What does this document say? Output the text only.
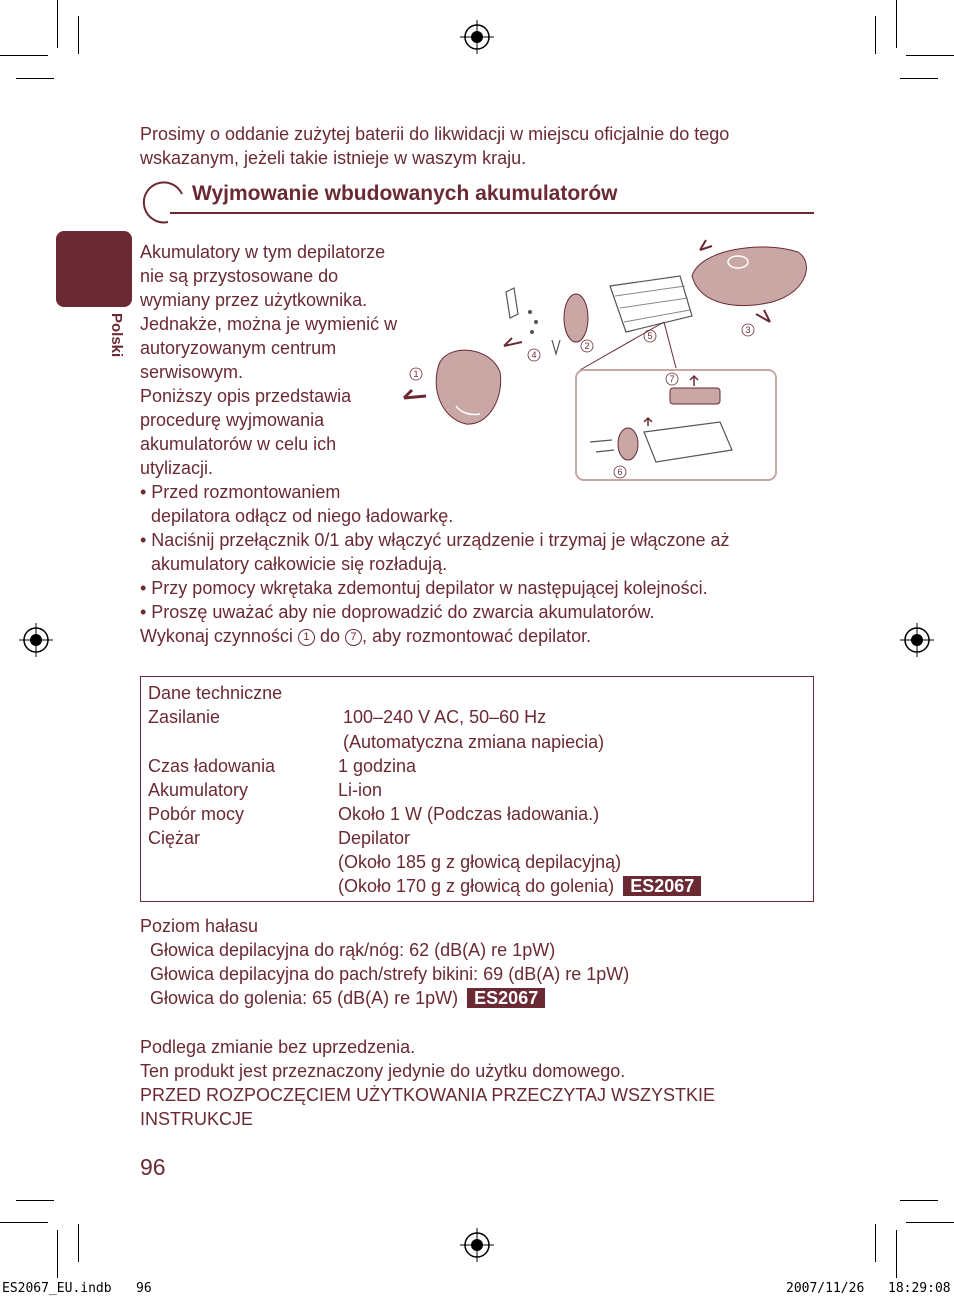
Polski
Prosimy o oddanie zużytej baterii do likwidacji w miejscu oficjalnie do tego
wskazanym, jeżeli takie istnieje w waszym kraju.
Wyjmowanie wbudowanych akumulatorów
Akumulatory w tym depilatorze
nie są przystosowane do
wymiany przez użytkownika.
Jednakże, można je wymienić w
autoryzowanym centrum
serwisowym.
Poniższy opis przedstawia
procedurę wyjmowania
akumulatorów w celu ich
utylizacji.
1
2
3
4
5
6
7
• Przed rozmontowaniem
depilatora odłącz od niego ładowarkę.
• Naciśnij przełącznik 0/1 aby włączyć urządzenie i trzymaj je włączone aż
akumulatory całkowicie się rozładują.
• Przy pomocy wkrętaka zdemontuj depilator w następującej kolejności.
• Proszę uważać aby nie doprowadzić do zwarcia akumulatorów.
Wykonaj czynności 1 do 7 , aby rozmontować depilator.
Dane techniczne
Zasilanie	100–240 V AC, 50–60 Hz
(Automatyczna zmiana napiecia)
Czas ładowania	1 godzina
Akumulatory	Li-ion
Pobór mocy	Około 1 W (Podczas ładowania.)
Ciężar	Depilator
(Około 185 g z głowicą depilacyjną)
(Około 170 g z głowicą do golenia) ES2067
Poziom hałasu
Głowica depilacyjna do rąk/nóg: 62 (dB(A) re 1pW)
Głowica depilacyjna do pach/strefy bikini: 69 (dB(A) re 1pW)
Głowica do golenia: 65 (dB(A) re 1pW) ES2067
Podlega zmianie bez uprzedzenia.
Ten produkt jest przeznaczony jedynie do użytku domowego.
PRZED ROZPOCZĘCIEM UŻYTKOWANIA PRZECZYTAJ WSZYSTKIE
INSTRUKCJE
96
ES2067_EU.indb 96	2007/11/26 18:29:08
